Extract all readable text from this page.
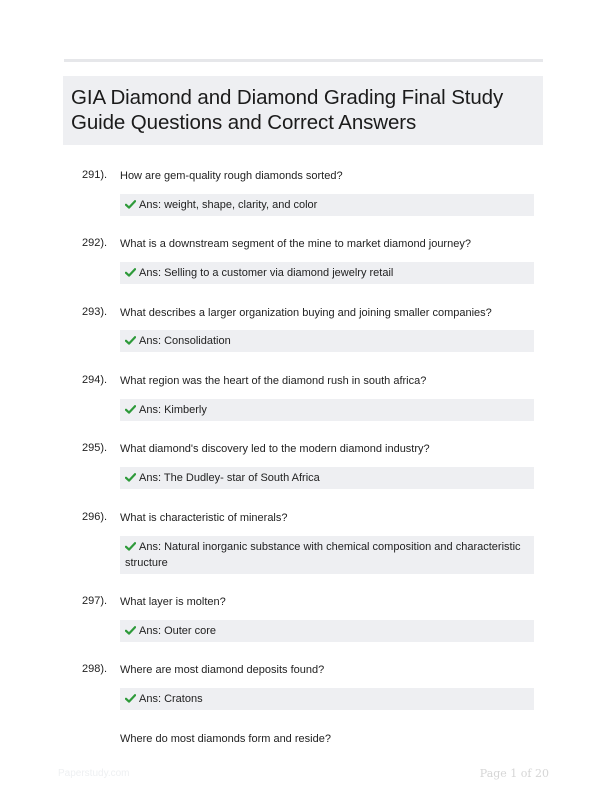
GIA Diamond and Diamond Grading Final Study Guide Questions and Correct Answers
291). How are gem-quality rough diamonds sorted?
Ans: weight, shape, clarity, and color
292). What is a downstream segment of the mine to market diamond journey?
Ans: Selling to a customer via diamond jewelry retail
293). What describes a larger organization buying and joining smaller companies?
Ans: Consolidation
294). What region was the heart of the diamond rush in south africa?
Ans: Kimberly
295). What diamond's discovery led to the modern diamond industry?
Ans: The Dudley- star of South Africa
296). What is characteristic of minerals?
Ans: Natural inorganic substance with chemical composition and characteristic structure
297). What layer is molten?
Ans: Outer core
298). Where are most diamond deposits found?
Ans: Cratons
Where do most diamonds form and reside?
Paperstudy.com	Page 1 of 20
